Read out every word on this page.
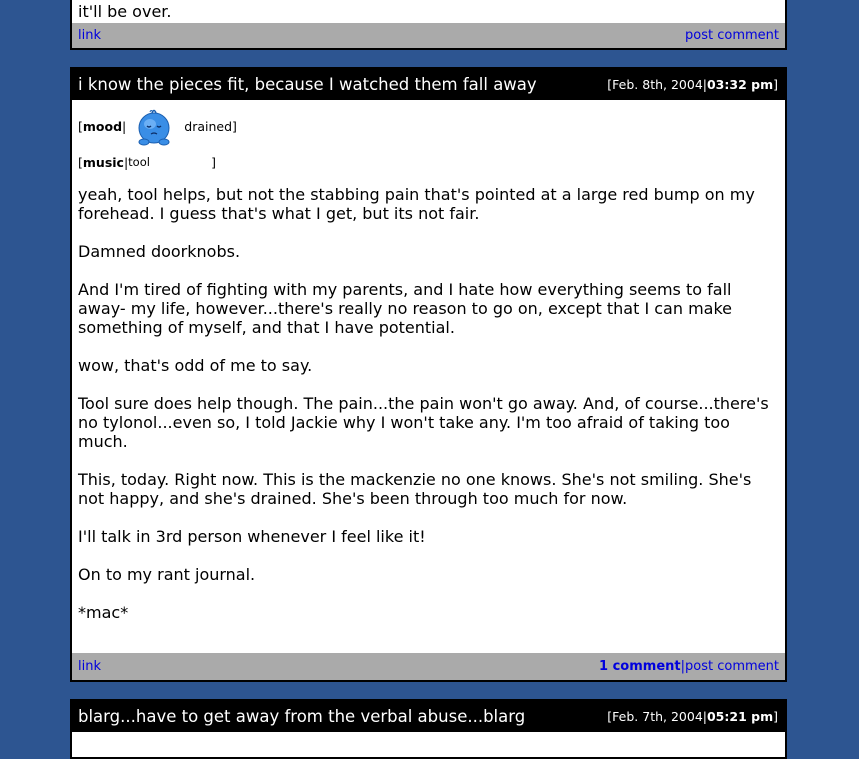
it'll be over.
link	post comment
i know the pieces fit, because I watched them fall away	[Feb. 8th, 2004|03:32 pm]
[ mood |	drained ]
[ music | tool	]

yeah, tool helps, but not the stabbing pain that's pointed at a large red bump on my forehead. I guess that's what I get, but its not fair.

Damned doorknobs.

And I'm tired of fighting with my parents, and I hate how everything seems to fall away- my life, however...there's really no reason to go on, except that I can make something of myself, and that I have potential.

wow, that's odd of me to say.

Tool sure does help though. The pain...the pain won't go away. And, of course...there's no tylonol...even so, I told Jackie why I won't take any. I'm too afraid of taking too much.

This, today. Right now. This is the mackenzie no one knows. She's not smiling. She's not happy, and she's drained. She's been through too much for now.

I'll talk in 3rd person whenever I feel like it!

On to my rant journal.

*mac*

link	1 comment|post comment
blarg...have to get away from the verbal abuse...blarg	[Feb. 7th, 2004|05:21 pm]
